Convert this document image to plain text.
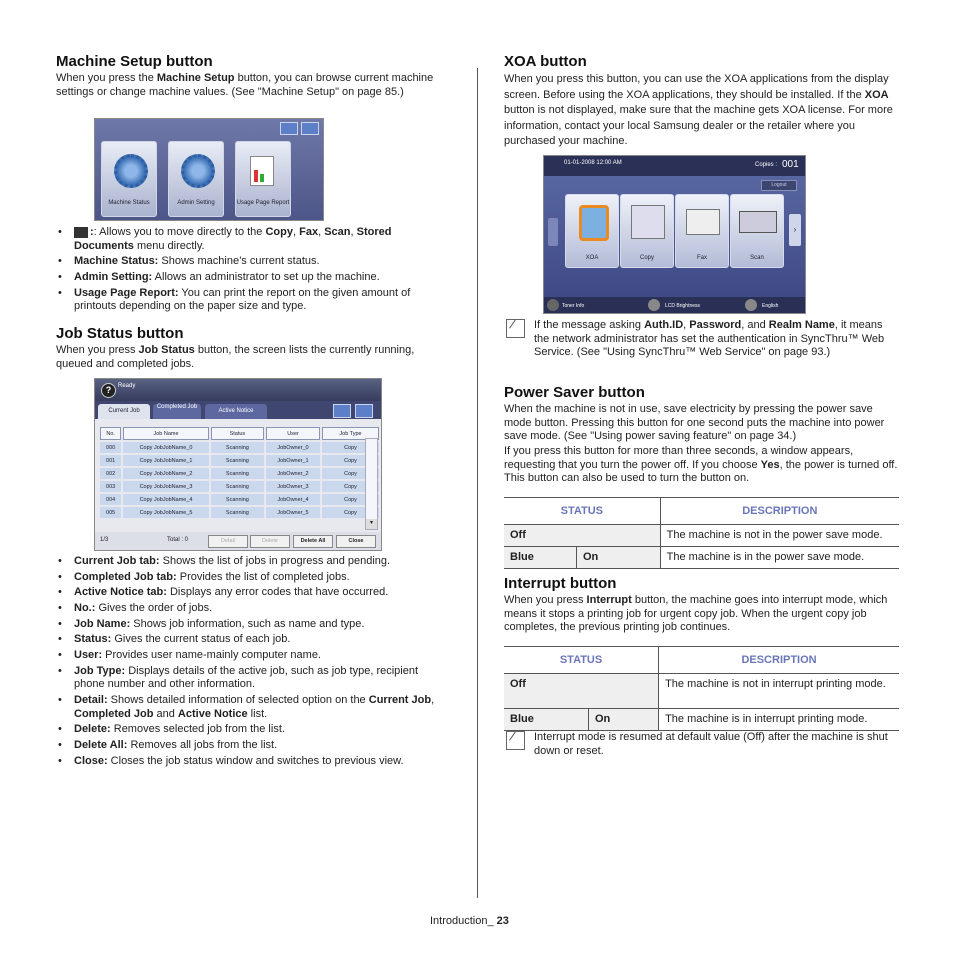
Machine Setup button

When you press the Machine Setup button, you can browse current machine settings or change machine values. (See "Machine Setup" on page 85.)

Machine Status	Admin Setting	Usage Page Report
• :: Allows you to move directly to the Copy, Fax, Scan, Stored Documents menu directly.
• Machine Status: Shows machine’s current status.
• Admin Setting: Allows an administrator to set up the machine.
• Usage Page Report: You can print the report on the given amount of printouts depending on the paper size and type.
Job Status button

When you press Job Status button, the screen lists the currently running, queued and completed jobs.

?	Ready
Current Job
Completed Job
Active Notice
No.	Job Name	Status	User	Job Type
000	Copy JobJobName_0	Scanning	JobOwner_0	Copy
001	Copy JobJobName_1	Scanning	JobOwner_1	Copy
002	Copy JobJobName_2	Scanning	JobOwner_2	Copy
003	Copy JobJobName_3	Scanning	JobOwner_3	Copy
004	Copy JobJobName_4	Scanning	JobOwner_4	Copy
005	Copy JobJobName_5	Scanning	JobOwner_5	Copy
▾
1/3	Total : 0	Detail	Delete	Delete All	Close
• Current Job tab: Shows the list of jobs in progress and pending.
• Completed Job tab: Provides the list of completed jobs.
• Active Notice tab: Displays any error codes that have occurred.
• No.: Gives the order of jobs.
• Job Name: Shows job information, such as name and type.
• Status: Gives the current status of each job.
• User: Provides user name-mainly computer name.
• Job Type: Displays details of the active job, such as job type, recipient phone number and other information.
• Detail: Shows detailed information of selected option on the Current Job, Completed Job and Active Notice list.
• Delete: Removes selected job from the list.
• Delete All: Removes all jobs from the list.
• Close: Closes the job status window and switches to previous view.
XOA button

When you press this button, you can use the XOA applications from the display screen. Before using the XOA applications, they should be installed. If the XOA button is not displayed, make sure that the machine gets XOA license. For more information, contact your local Samsung dealer or the retailer where you purchased your machine.

01-01-2008 12:00 AM	Copies : 001
Logout
›
XOA	Copy	Fax	Scan
Toner Info	LCD Brightness	English

If the message asking Auth.ID, Password, and Realm Name, it means the network administrator has set the authentication in SyncThru™ Web Service. (See "Using SyncThru™ Web Service" on page 93.)

Power Saver button

When the machine is not in use, save electricity by pressing the power save mode button. Pressing this button for one second puts the machine into power save mode. (See "Using power saving feature" on page 34.)

If you press this button for more than three seconds, a window appears, requesting that you turn the power off. If you choose Yes, the power is turned off. This button can also be used to turn the button on.

STATUS		DESCRIPTION
Off		The machine is not in the power save mode.
Blue	On	The machine is in the power save mode.
Interrupt button

When you press Interrupt button, the machine goes into interrupt mode, which means it stops a printing job for urgent copy job. When the urgent copy job completes, the previous printing job continues.

STATUS		DESCRIPTION
Off		The machine is not in interrupt printing mode.
Blue	On	The machine is in interrupt printing mode.

Interrupt mode is resumed at default value (Off) after the machine is shut down or reset.

Introduction_ 23
